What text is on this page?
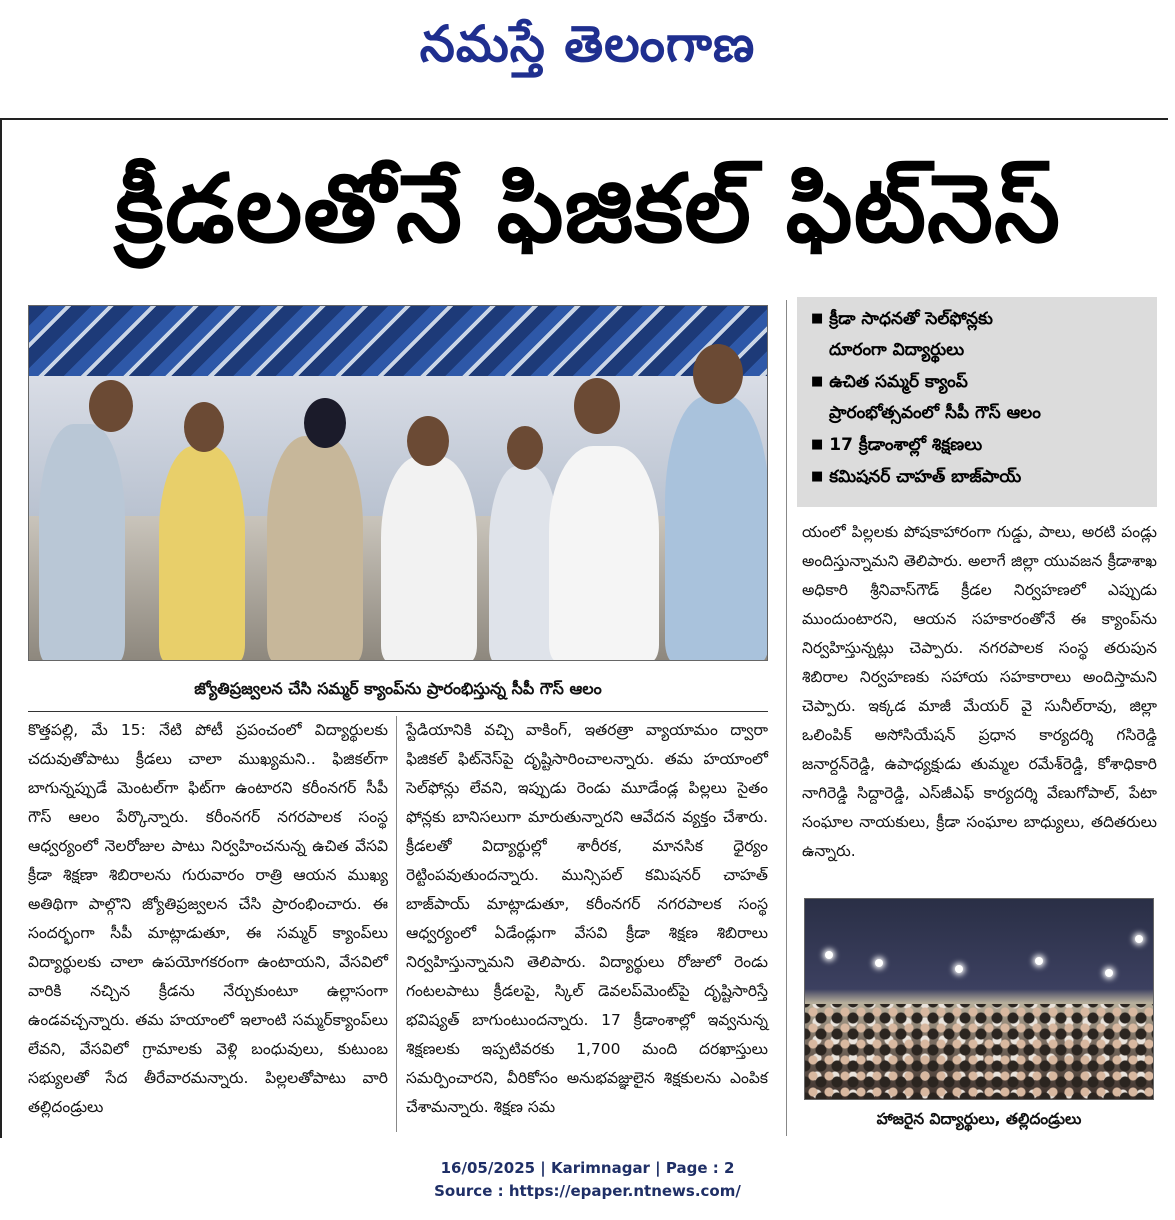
నమస్తే తెలంగాణ
క్రీడలతోనే ఫిజికల్ ఫిట్‌నెస్
జ్యోతిప్రజ్వలన చేసి సమ్మర్ క్యాంప్‌ను ప్రారంభిస్తున్న సీపీ గౌస్ ఆలం
■ క్రీడా సాధనతో సెల్‌ఫోన్లకు
దూరంగా విద్యార్థులు
■ ఉచిత సమ్మర్ క్యాంప్
ప్రారంభోత్సవంలో సీపీ గౌస్ ఆలం
■ 17 క్రీడాంశాల్లో శిక్షణలు
■ కమిషనర్ చాహత్ బాజ్‌పాయ్
కొత్తపల్లి, మే 15: నేటి పోటీ ప్రపంచంలో విద్యార్థులకు చదువుతోపాటు క్రీడలు చాలా ముఖ్యమని.. ఫిజికల్‌గా బాగున్నప్పుడే మెంటల్‌గా ఫిట్‌గా ఉంటారని కరీంనగర్ సీపీ గౌస్ ఆలం పేర్కొన్నారు. కరీంనగర్ నగరపాలక సంస్థ ఆధ్వర్యంలో నెలరోజుల పాటు నిర్వహించనున్న ఉచిత వేసవి క్రీడా శిక్షణా శిబిరాలను గురువారం రాత్రి ఆయన ముఖ్య అతిథిగా పాల్గొని జ్యోతిప్రజ్వలన చేసి ప్రారంభించారు. ఈ సందర్భంగా సీపీ మాట్లాడుతూ, ఈ సమ్మర్ క్యాంప్‌లు విద్యార్థులకు చాలా ఉపయోగకరంగా ఉంటాయని, వేసవిలో వారికి నచ్చిన క్రీడను నేర్చుకుంటూ ఉల్లాసంగా ఉండవచ్చన్నారు. తమ హయాంలో ఇలాంటి సమ్మర్‌క్యాంప్‌లు లేవని, వేసవిలో గ్రామాలకు వెళ్లి బంధువులు, కుటుంబ సభ్యులతో సేద తీరేవారమన్నారు. పిల్లలతోపాటు వారి తల్లిదండ్రులు
స్టేడియానికి వచ్చి వాకింగ్, ఇతరత్రా వ్యాయామం ద్వారా ఫిజికల్ ఫిట్‌నెస్‌పై దృష్టిసారించాలన్నారు. తమ హయాంలో సెల్‌ఫోన్లు లేవని, ఇప్పుడు రెండు మూడేండ్ల పిల్లలు సైతం ఫోన్లకు బానిసలుగా మారుతున్నారని ఆవేదన వ్యక్తం చేశారు. క్రీడలతో విద్యార్థుల్లో శారీరక, మానసిక ధైర్యం రెట్టింపవుతుందన్నారు. మున్సిపల్ కమిషనర్ చాహత్ బాజ్‌పాయ్ మాట్లాడుతూ, కరీంనగర్ నగరపాలక సంస్థ ఆధ్వర్యంలో ఏడేండ్లుగా వేసవి క్రీడా శిక్షణ శిబిరాలు నిర్వహిస్తున్నామని తెలిపారు. విద్యార్థులు రోజులో రెండు గంటలపాటు క్రీడలపై, స్కిల్ డెవలప్‌మెంట్‌పై దృష్టిసారిస్తే భవిష్యత్ బాగుంటుందన్నారు. 17 క్రీడాంశాల్లో ఇవ్వనున్న శిక్షణలకు ఇప్పటివరకు 1,700 మంది దరఖాస్తులు సమర్పించారని, వీరికోసం అనుభవజ్ఞులైన శిక్షకులను ఎంపిక చేశామన్నారు. శిక్షణ సమ
యంలో పిల్లలకు పోషకాహారంగా గుడ్డు, పాలు, అరటి పండ్లు అందిస్తున్నామని తెలిపారు. అలాగే జిల్లా యువజన క్రీడాశాఖ అధికారి శ్రీనివాస్‌గౌడ్ క్రీడల నిర్వహణలో ఎప్పుడు ముందుంటారని, ఆయన సహకారంతోనే ఈ క్యాంప్‌ను నిర్వహిస్తున్నట్లు చెప్పారు. నగరపాలక సంస్థ తరుపున శిబిరాల నిర్వహణకు సహాయ సహకారాలు అందిస్తామని చెప్పారు. ఇక్కడ మాజీ మేయర్ వై సునీల్‌రావు, జిల్లా ఒలింపిక్ అసోసియేషన్ ప్రధాన కార్యదర్శి గసిరెడ్డి జనార్దన్‌రెడ్డి, ఉపాధ్యక్షుడు తుమ్మల రమేశ్‌రెడ్డి, కోశాధికారి నాగిరెడ్డి సిద్దారెడ్డి, ఎస్‌జీఎఫ్ కార్యదర్శి వేణుగోపాల్, పేటా సంఘాల నాయకులు, క్రీడా సంఘాల బాధ్యులు, తదితరులు ఉన్నారు.
హాజరైన విద్యార్థులు, తల్లిదండ్రులు
16/05/2025 | Karimnagar | Page : 2
Source : https://epaper.ntnews.com/
